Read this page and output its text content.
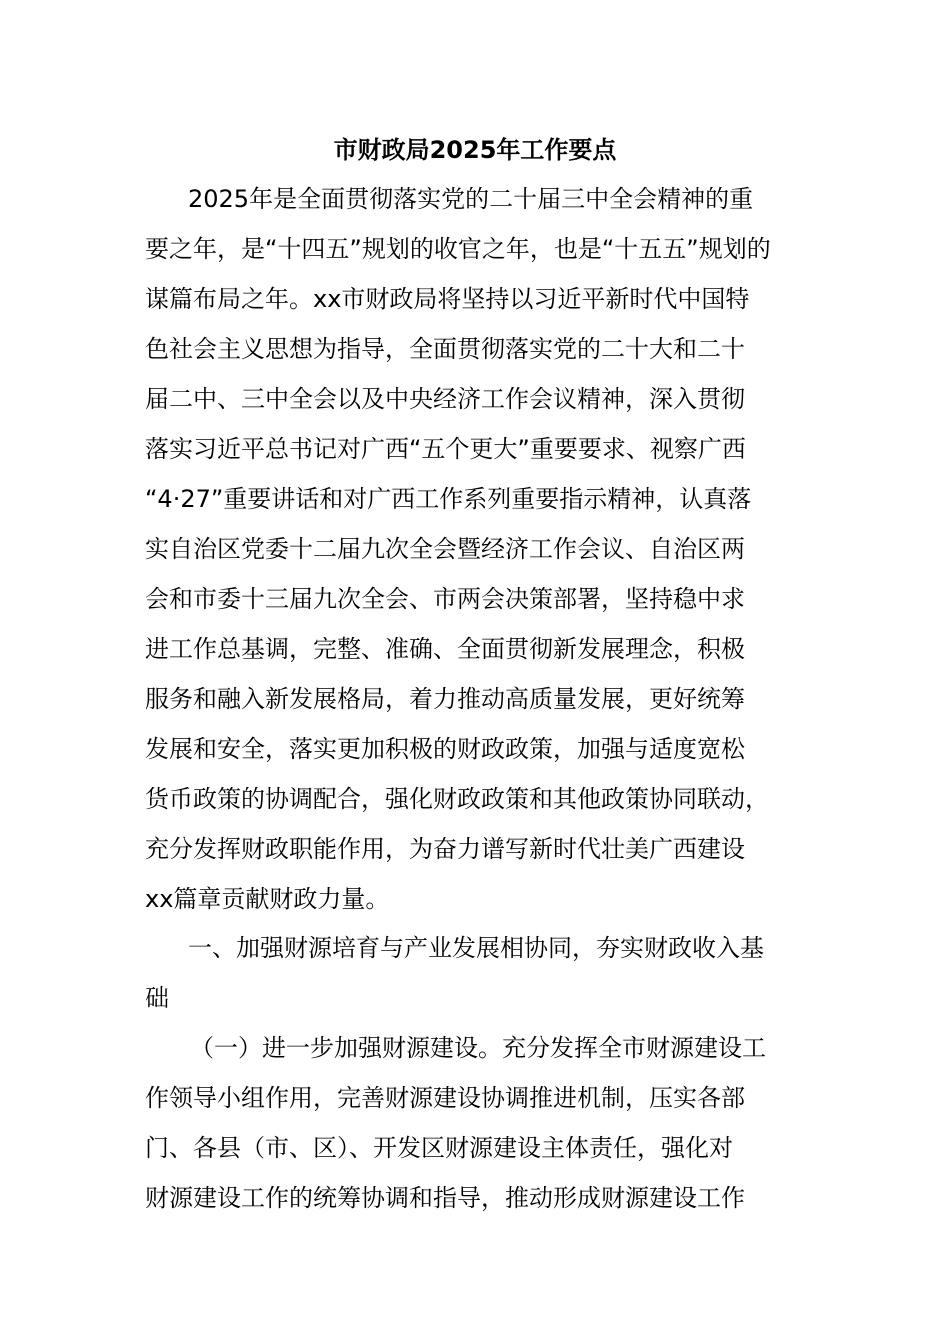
市财政局2025年工作要点
2025年是全面贯彻落实党的二十届三中全会精神的重
要之年，是“十四五”规划的收官之年，也是“十五五”规划的
谋篇布局之年。xx市财政局将坚持以习近平新时代中国特
色社会主义思想为指导，全面贯彻落实党的二十大和二十
届二中、三中全会以及中央经济工作会议精神，深入贯彻
落实习近平总书记对广西“五个更大”重要要求、视察广西
“4·27”重要讲话和对广西工作系列重要指示精神，认真落
实自治区党委十二届九次全会暨经济工作会议、自治区两
会和市委十三届九次全会、市两会决策部署，坚持稳中求
进工作总基调，完整、准确、全面贯彻新发展理念，积极
服务和融入新发展格局，着力推动高质量发展，更好统筹
发展和安全，落实更加积极的财政政策，加强与适度宽松
货币政策的协调配合，强化财政政策和其他政策协同联动，
充分发挥财政职能作用，为奋力谱写新时代壮美广西建设
xx篇章贡献财政力量。
一、加强财源培育与产业发展相协同，夯实财政收入基
础
（一）进一步加强财源建设。充分发挥全市财源建设工
作领导小组作用，完善财源建设协调推进机制，压实各部
门、各县（市、区）、开发区财源建设主体责任，强化对
财源建设工作的统筹协调和指导，推动形成财源建设工作
